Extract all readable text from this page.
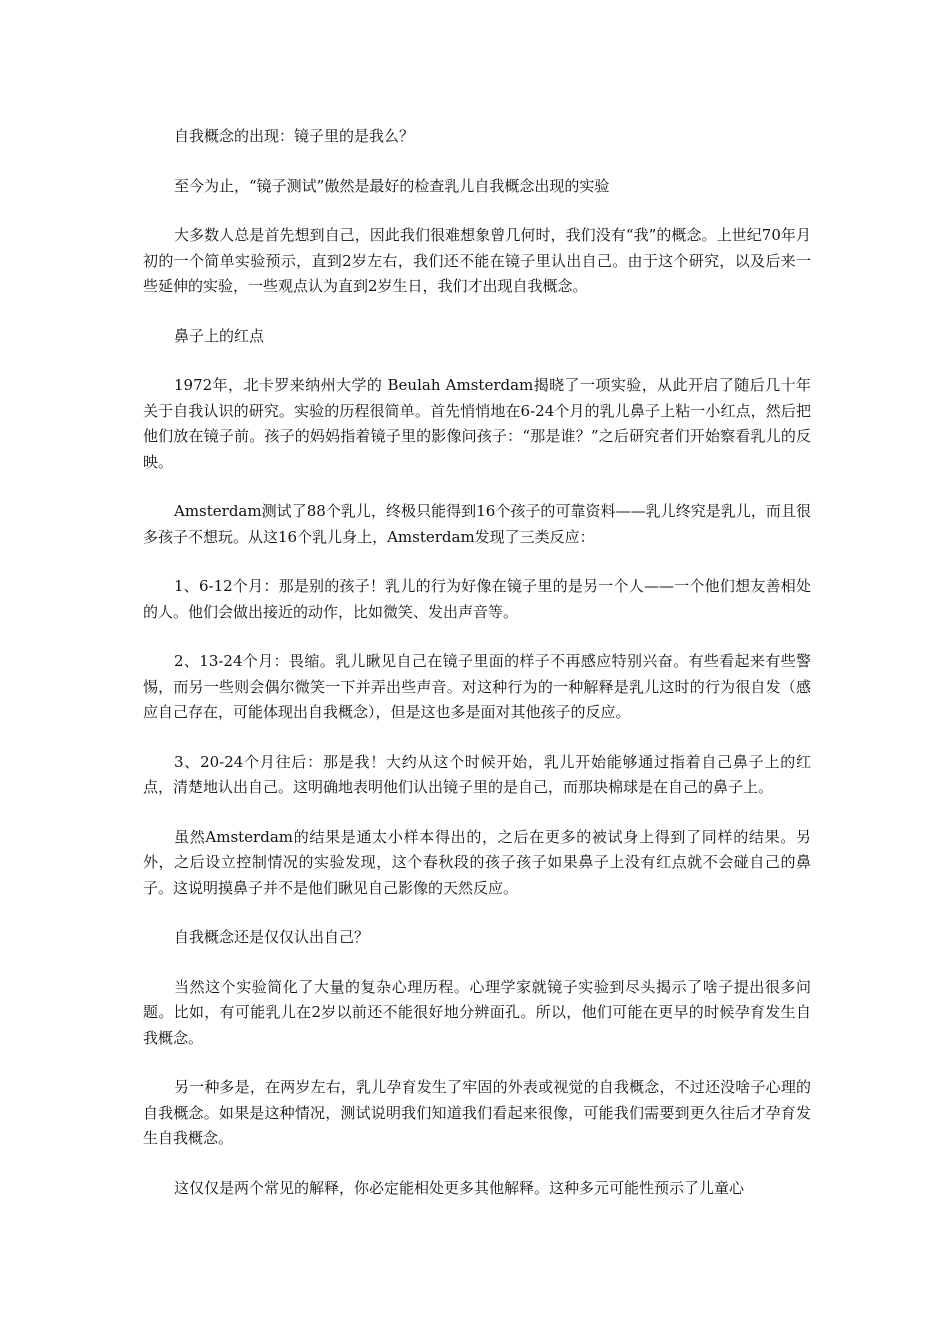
自我概念的出现：镜子里的是我么？

至今为止，“镜子测试”傲然是最好的检查乳儿自我概念出现的实验

大多数人总是首先想到自己，因此我们很难想象曾几何时，我们没有“我”的概念。上世纪70年月初的一个简单实验预示，直到2岁左右，我们还不能在镜子里认出自己。由于这个研究，以及后来一些延伸的实验，一些观点认为直到2岁生日，我们才出现自我概念。

鼻子上的红点

1972年，北卡罗来纳州大学的 Beulah Amsterdam揭晓了一项实验，从此开启了随后几十年关于自我认识的研究。实验的历程很简单。首先悄悄地在6-24个月的乳儿鼻子上粘一小红点，然后把他们放在镜子前。孩子的妈妈指着镜子里的影像问孩子：“那是谁？”之后研究者们开始察看乳儿的反映。

Amsterdam测试了88个乳儿，终极只能得到16个孩子的可靠资料——乳儿终究是乳儿，而且很多孩子不想玩。从这16个乳儿身上，Amsterdam发现了三类反应：

1、6-12个月：那是别的孩子！乳儿的行为好像在镜子里的是另一个人——一个他们想友善相处的人。他们会做出接近的动作，比如微笑、发出声音等。

2、13-24个月：畏缩。乳儿瞅见自己在镜子里面的样子不再感应特别兴奋。有些看起来有些警惕，而另一些则会偶尔微笑一下并弄出些声音。对这种行为的一种解释是乳儿这时的行为很自发（感应自己存在，可能体现出自我概念），但是这也多是面对其他孩子的反应。

3、20-24个月往后：那是我！大约从这个时候开始，乳儿开始能够通过指着自己鼻子上的红点，清楚地认出自己。这明确地表明他们认出镜子里的是自己，而那块棉球是在自己的鼻子上。

虽然Amsterdam的结果是通太小样本得出的，之后在更多的被试身上得到了同样的结果。另外，之后设立控制情况的实验发现，这个春秋段的孩子孩子如果鼻子上没有红点就不会碰自己的鼻子。这说明摸鼻子并不是他们瞅见自己影像的天然反应。

自我概念还是仅仅认出自己？

当然这个实验简化了大量的复杂心理历程。心理学家就镜子实验到尽头揭示了啥子提出很多问题。比如，有可能乳儿在2岁以前还不能很好地分辨面孔。所以，他们可能在更早的时候孕育发生自我概念。

另一种多是，在两岁左右，乳儿孕育发生了牢固的外表或视觉的自我概念，不过还没啥子心理的自我概念。如果是这种情况，测试说明我们知道我们看起来很像，可能我们需要到更久往后才孕育发生自我概念。

这仅仅是两个常见的解释，你必定能相处更多其他解释。这种多元可能性预示了儿童心
